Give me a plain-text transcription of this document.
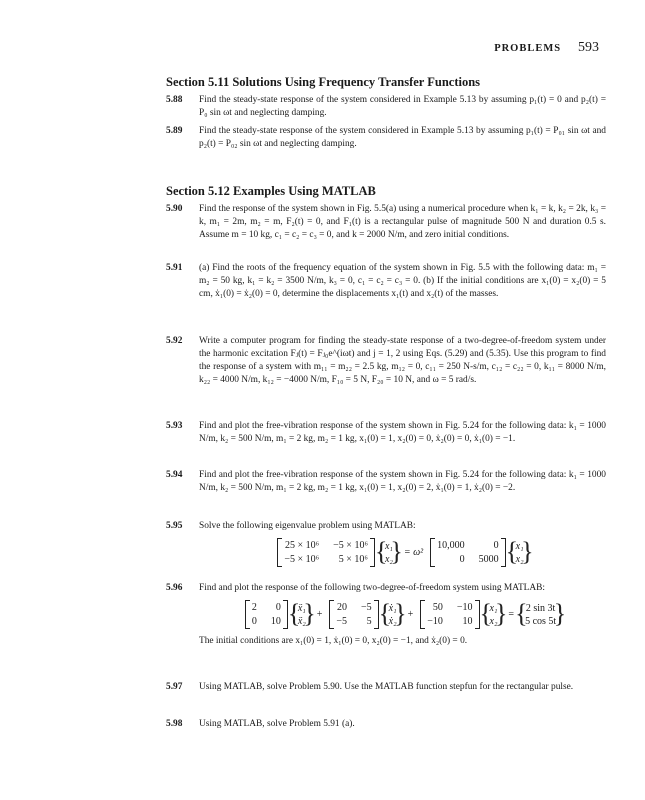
PROBLEMS 593
Section 5.11 Solutions Using Frequency Transfer Functions
5.88	Find the steady-state response of the system considered in Example 5.13 by assuming p₁(t) = 0 and p₂(t) = P₀ sin ωt and neglecting damping.
5.89	Find the steady-state response of the system considered in Example 5.13 by assuming p₁(t) = P₀₁ sin ωt and p₂(t) = P₀₂ sin ωt and neglecting damping.
Section 5.12 Examples Using MATLAB
5.90	Find the response of the system shown in Fig. 5.5(a) using a numerical procedure when k₁ = k, k₂ = 2k, k₃ = k, m₁ = 2m, m₂ = m, F₂(t) = 0, and F₁(t) is a rectangular pulse of magnitude 500 N and duration 0.5 s. Assume m = 10 kg, c₁ = c₂ = c₃ = 0, and k = 2000 N/m, and zero initial conditions.
5.91	(a) Find the roots of the frequency equation of the system shown in Fig. 5.5 with the following data: m₁ = m₂ = 50 kg, k₁ = k₂ = 3500 N/m, k₃ = 0, c₁ = c₂ = c₃ = 0. (b) If the initial conditions are x₁(0) = x₂(0) = 5 cm, ẋ₁(0) = ẋ₂(0) = 0, determine the displacements x₁(t) and x₂(t) of the masses.
5.92	Write a computer program for finding the steady-state response of a two-degree-of-freedom system under the harmonic excitation Fⱼ(t) = Fⱼ₀e^(iωt) and j = 1, 2 using Eqs. (5.29) and (5.35). Use this program to find the response of a system with m₁₁ = m₂₂ = 2.5 kg, m₁₂ = 0, c₁₁ = 250 N-s/m, c₁₂ = c₂₂ = 0, k₁₁ = 8000 N/m, k₂₂ = 4000 N/m, k₁₂ = −4000 N/m, F₁₀ = 5 N, F₂₀ = 10 N, and ω = 5 rad/s.
5.93	Find and plot the free-vibration response of the system shown in Fig. 5.24 for the following data: k₁ = 1000 N/m, k₂ = 500 N/m, m₁ = 2 kg, m₂ = 1 kg, x₁(0) = 1, x₂(0) = 0, ẋ₂(0) = 0, ẋ₁(0) = −1.
5.94	Find and plot the free-vibration response of the system shown in Fig. 5.24 for the following data: k₁ = 1000 N/m, k₂ = 500 N/m, m₁ = 2 kg, m₂ = 1 kg, x₁(0) = 1, x₂(0) = 2, ẋ₁(0) = 1, ẋ₂(0) = −2.
5.95	Solve the following eigenvalue problem using MATLAB:
25 × 10⁶ −5 × 10⁶
−5 × 10⁶	5 × 10⁶
{ x₁
x₂
}
= ω²
10,000	0
0 5000
{ x₁
x₂
}
5.96	Find and plot the response of the following two-degree-of-freedom system using MATLAB:
2	0
0 10
{ ẍ₁
ẍ₂
}
+
20 −5
−5	5
{ ẋ₁
ẋ₂
}
+
50 −10
−10	10
{ x₁
x₂
}
=
{ 2 sin 3t
5 cos 5t
}
The initial conditions are x₁(0) = 1, ẋ₁(0) = 0, x₂(0) = −1, and ẋ₂(0) = 0.
5.97	Using MATLAB, solve Problem 5.90. Use the MATLAB function stepfun for the rectangular pulse.
5.98	Using MATLAB, solve Problem 5.91 (a).
